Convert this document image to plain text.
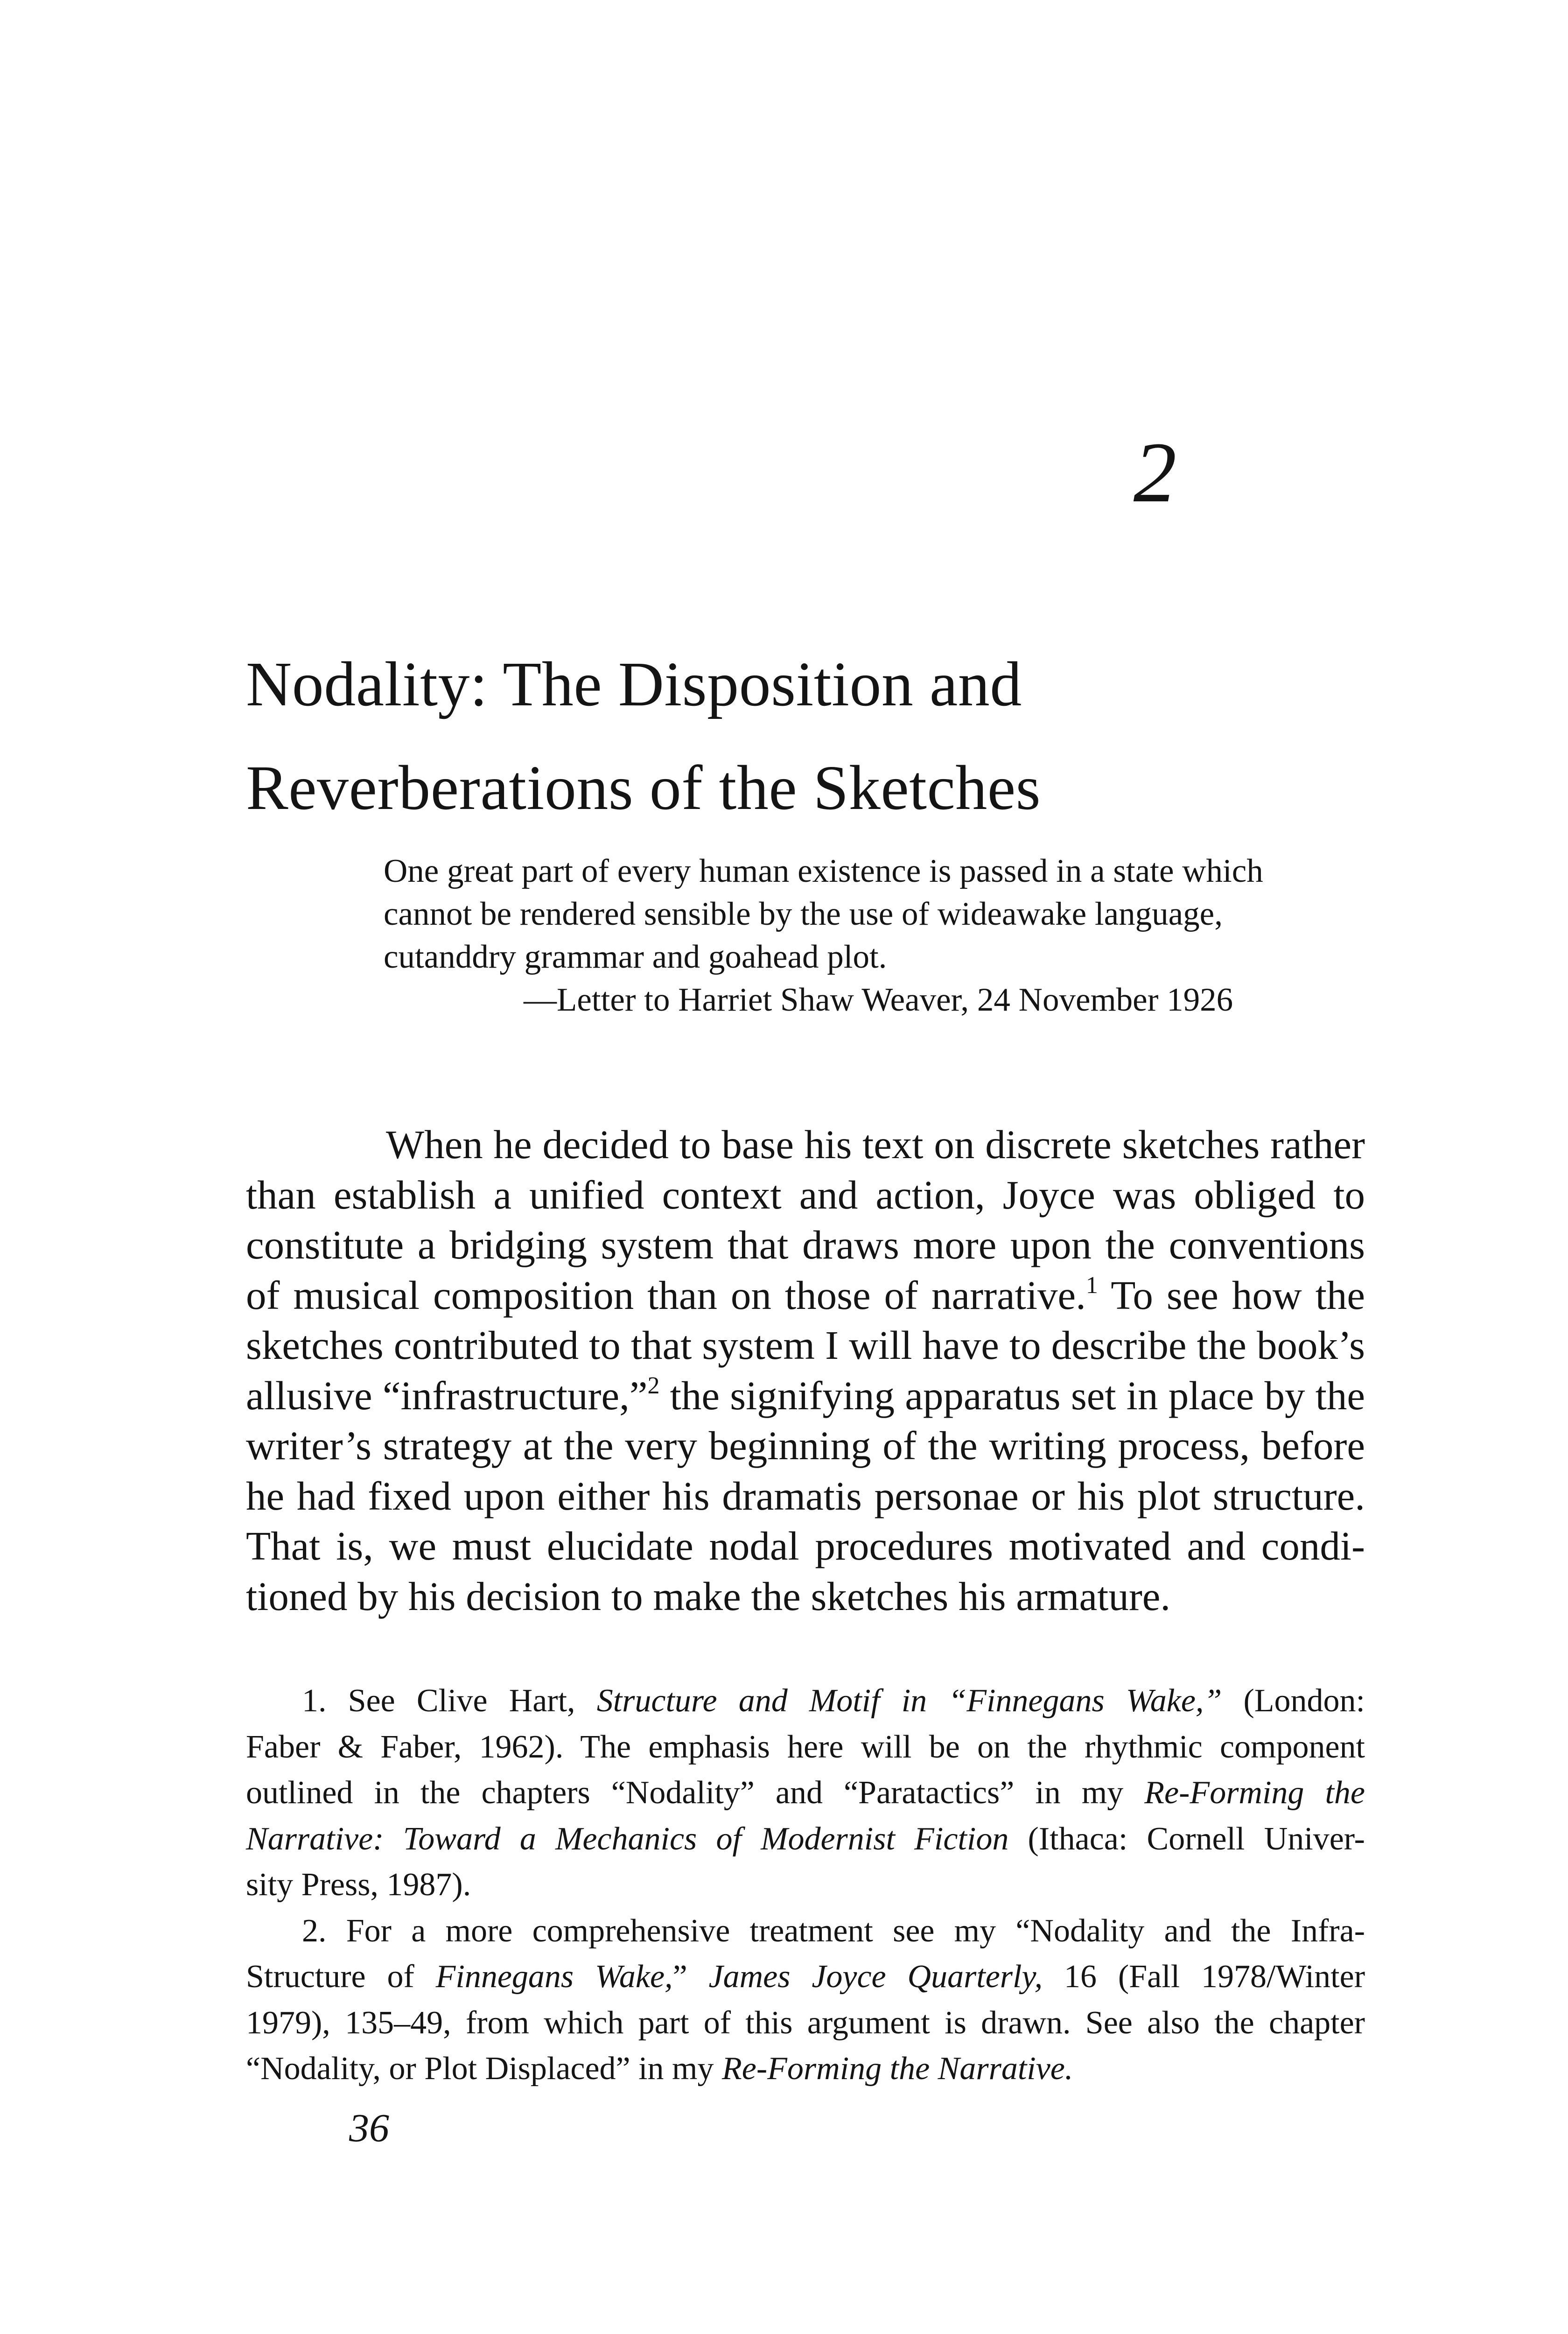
2
Nodality: The Disposition and
Reverberations of the Sketches
One great part of every human existence is passed in a state which
cannot be rendered sensible by the use of wideawake language,
cutanddry grammar and goahead plot.
—Letter to Harriet Shaw Weaver, 24 November 1926
When he decided to base his text on discrete sketches rather
than establish a unified context and action, Joyce was obliged to
constitute a bridging system that draws more upon the conventions
of musical composition than on those of narrative.$^1$ To see how the
sketches contributed to that system I will have to describe the book’s
allusive “infrastructure,”$^2$ the signifying apparatus set in place by the
writer’s strategy at the very beginning of the writing process, before
he had fixed upon either his dramatis personae or his plot structure.
That is, we must elucidate nodal procedures motivated and condi-
tioned by his decision to make the sketches his armature.
1. See Clive Hart, Structure and Motif in “Finnegans Wake,” (London:
Faber & Faber, 1962). The emphasis here will be on the rhythmic component
outlined in the chapters “Nodality” and “Paratactics” in my Re-Forming the
Narrative: Toward a Mechanics of Modernist Fiction (Ithaca: Cornell Univer-
sity Press, 1987).
2. For a more comprehensive treatment see my “Nodality and the Infra-
Structure of Finnegans Wake,” James Joyce Quarterly, 16 (Fall 1978/Winter
1979), 135–49, from which part of this argument is drawn. See also the chapter
“Nodality, or Plot Displaced” in my Re-Forming the Narrative.
36
